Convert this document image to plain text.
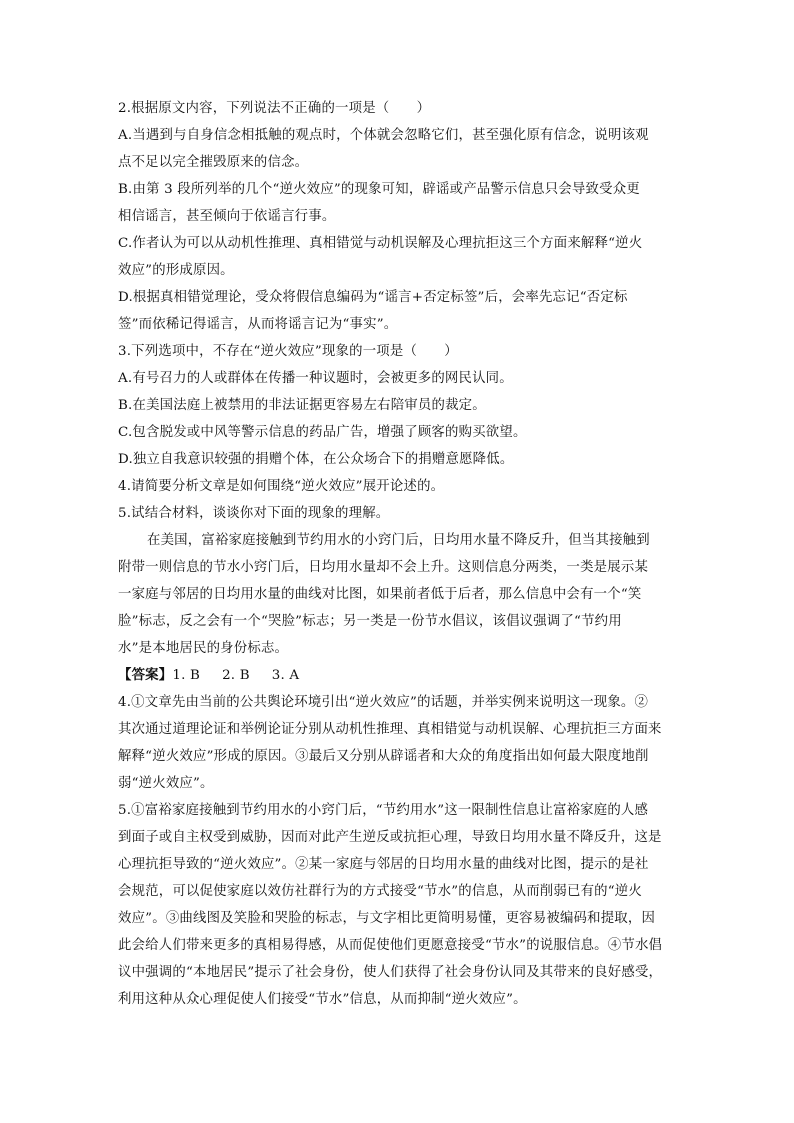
2.根据原文内容，下列说法不正确的一项是（　　）
A.当遇到与自身信念相抵触的观点时，个体就会忽略它们，甚至强化原有信念，说明该观
点不足以完全摧毁原来的信念。
B.由第 3 段所列举的几个“逆火效应”的现象可知，辟谣或产品警示信息只会导致受众更
相信谣言，甚至倾向于依谣言行事。
C.作者认为可以从动机性推理、真相错觉与动机误解及心理抗拒这三个方面来解释“逆火
效应”的形成原因。
D.根据真相错觉理论，受众将假信息编码为“谣言+否定标签”后，会率先忘记“否定标
签”而依稀记得谣言，从而将谣言记为“事实”。
3.下列选项中，不存在“逆火效应”现象的一项是（　　）
A.有号召力的人或群体在传播一种议题时，会被更多的网民认同。
B.在美国法庭上被禁用的非法证据更容易左右陪审员的裁定。
C.包含脱发或中风等警示信息的药品广告，增强了顾客的购买欲望。
D.独立自我意识较强的捐赠个体，在公众场合下的捐赠意愿降低。
4.请简要分析文章是如何围绕“逆火效应”展开论述的。
5.试结合材料，谈谈你对下面的现象的理解。
在美国，富裕家庭接触到节约用水的小窍门后，日均用水量不降反升，但当其接触到
附带一则信息的节水小窍门后，日均用水量却不会上升。这则信息分两类，一类是展示某
一家庭与邻居的日均用水量的曲线对比图，如果前者低于后者，那么信息中会有一个“笑
脸”标志，反之会有一个“哭脸”标志；另一类是一份节水倡议，该倡议强调了“节约用
水”是本地居民的身份标志。
【答案】1. B 2. B 3. A
4.①文章先由当前的公共舆论环境引出“逆火效应”的话题，并举实例来说明这一现象。②
其次通过道理论证和举例论证分别从动机性推理、真相错觉与动机误解、心理抗拒三方面来
解释“逆火效应”形成的原因。③最后又分别从辟谣者和大众的角度指出如何最大限度地削
弱“逆火效应”。
5.①富裕家庭接触到节约用水的小窍门后，“节约用水”这一限制性信息让富裕家庭的人感
到面子或自主权受到威胁，因而对此产生逆反或抗拒心理，导致日均用水量不降反升，这是
心理抗拒导致的“逆火效应”。②某一家庭与邻居的日均用水量的曲线对比图，提示的是社
会规范，可以促使家庭以效仿社群行为的方式接受“节水”的信息，从而削弱已有的“逆火
效应”。③曲线图及笑脸和哭脸的标志，与文字相比更简明易懂，更容易被编码和提取，因
此会给人们带来更多的真相易得感，从而促使他们更愿意接受“节水”的说服信息。④节水倡
议中强调的“本地居民”提示了社会身份，使人们获得了社会身份认同及其带来的良好感受，
利用这种从众心理促使人们接受“节水”信息，从而抑制“逆火效应”。
